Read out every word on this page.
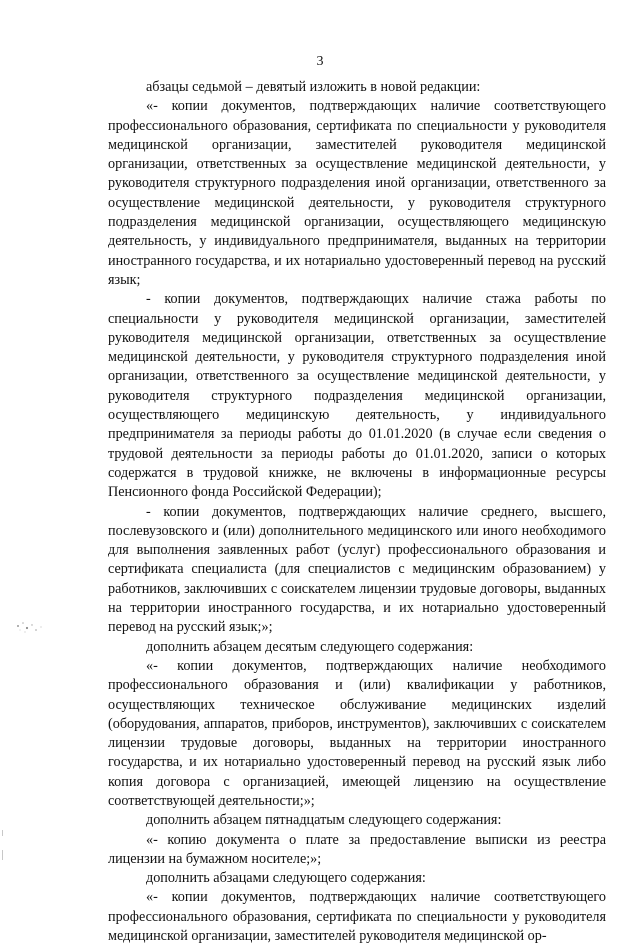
3

абзацы седьмой – девятый изложить в новой редакции:

«- копии документов, подтверждающих наличие соответствующего профессионального образования, сертификата по специальности у руководителя медицинской организации, заместителей руководителя медицинской организации, ответственных за осуществление медицинской деятельности, у руководителя структурного подразделения иной организации, ответственного за осуществление медицинской деятельности, у руководителя структурного подразделения медицинской организации, осуществляющего медицинскую деятельность, у индивидуального предпринимателя, выданных на территории иностранного государства, и их нотариально удостоверенный перевод на русский язык;

- копии документов, подтверждающих наличие стажа работы по специальности у руководителя медицинской организации, заместителей руководителя медицинской организации, ответственных за осуществление медицинской деятельности, у руководителя структурного подразделения иной организации, ответственного за осуществление медицинской деятельности, у руководителя структурного подразделения медицинской организации, осуществляющего медицинскую деятельность, у индивидуального предпринимателя за периоды работы до 01.01.2020 (в случае если сведения о трудовой деятельности за периоды работы до 01.01.2020, записи о которых содержатся в трудовой книжке, не включены в информационные ресурсы Пенсионного фонда Российской Федерации);

- копии документов, подтверждающих наличие среднего, высшего, послевузовского и (или) дополнительного медицинского или иного необходимого для выполнения заявленных работ (услуг) профессионального образования и сертификата специалиста (для специалистов с медицинским образованием) у работников, заключивших с соискателем лицензии трудовые договоры, выданных на территории иностранного государства, и их нотариально удостоверенный перевод на русский язык;»;

дополнить абзацем десятым следующего содержания:

«- копии документов, подтверждающих наличие необходимого профессионального образования и (или) квалификации у работников, осуществляющих техническое обслуживание медицинских изделий (оборудования, аппаратов, приборов, инструментов), заключивших с соискателем лицензии трудовые договоры, выданных на территории иностранного государства, и их нотариально удостоверенный перевод на русский язык либо копия договора с организацией, имеющей лицензию на осуществление соответствующей деятельности;»;

дополнить абзацем пятнадцатым следующего содержания:

«- копию документа о плате за предоставление выписки из реестра лицензии на бумажном носителе;»;

дополнить абзацами следующего содержания:

«- копии документов, подтверждающих наличие соответствующего профессионального образования, сертификата по специальности у руководителя медицинской организации, заместителей руководителя медицинской ор-
